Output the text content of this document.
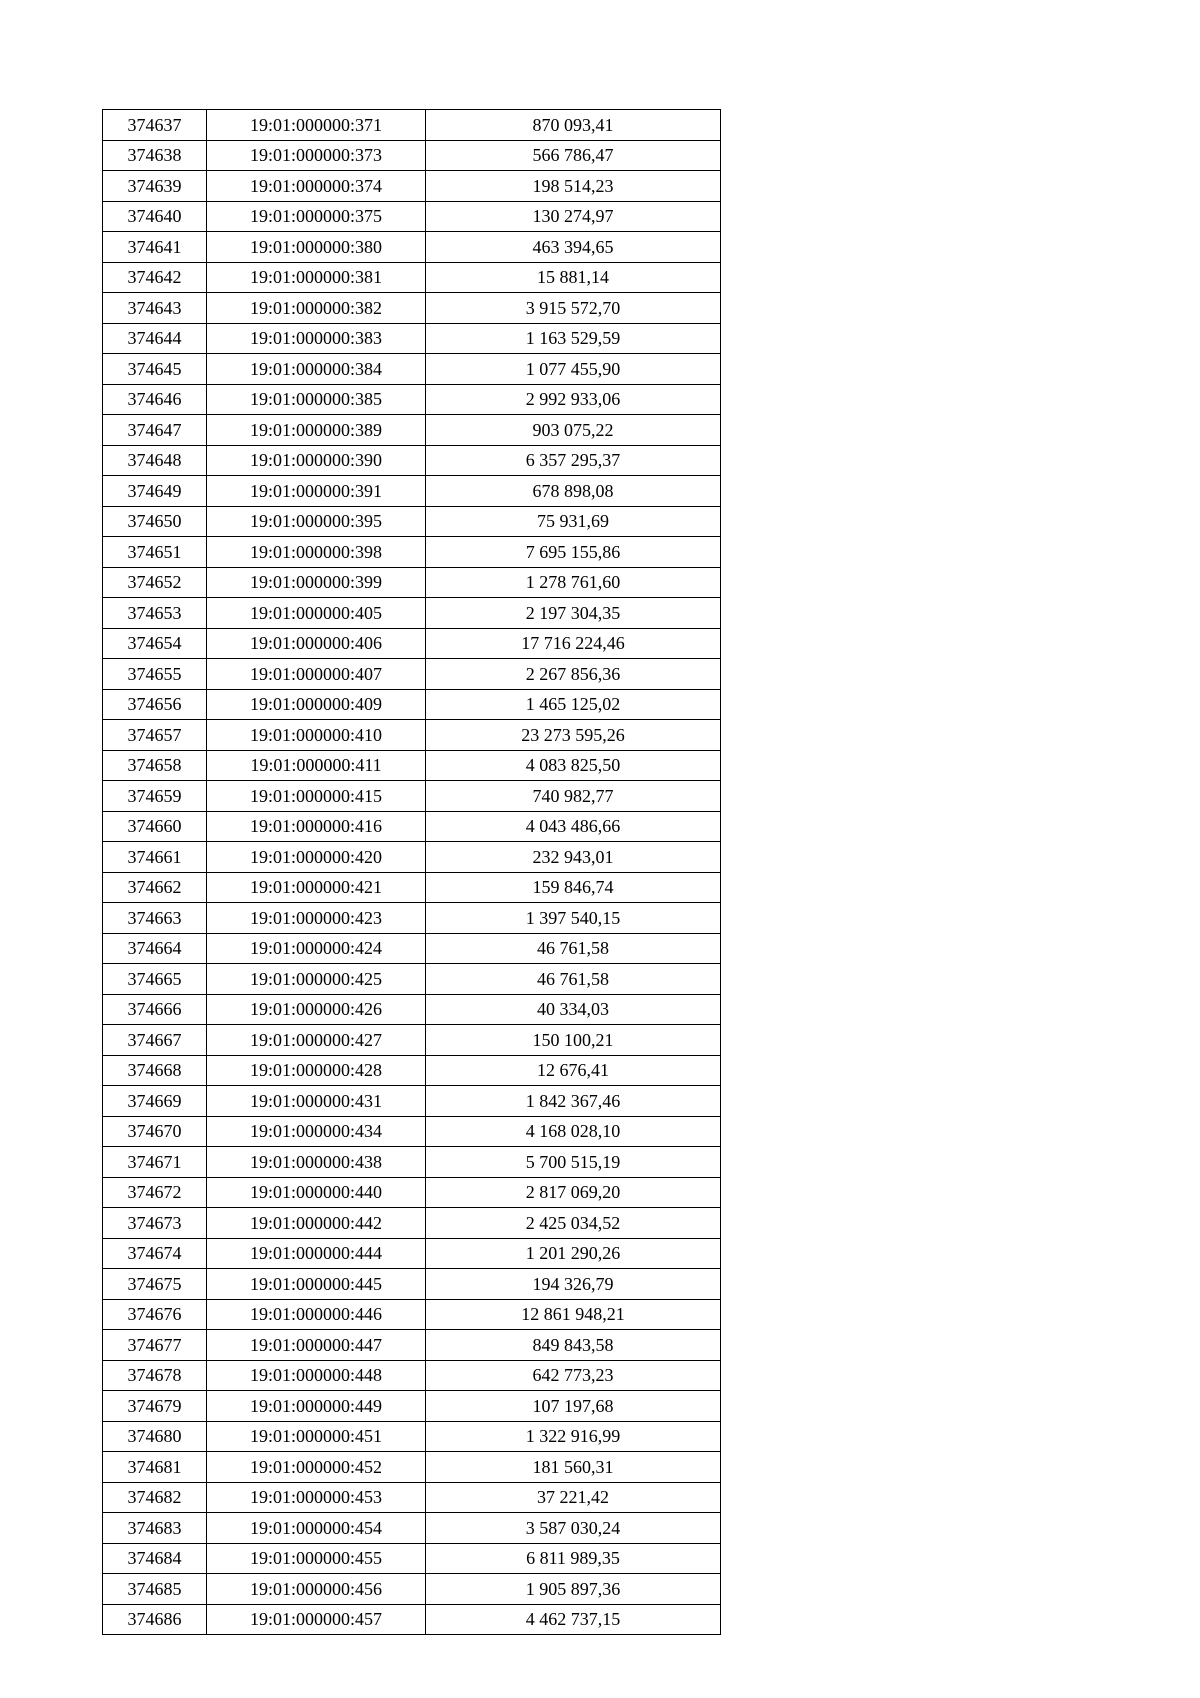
374637	19:01:000000:371	870 093,41
374638	19:01:000000:373	566 786,47
374639	19:01:000000:374	198 514,23
374640	19:01:000000:375	130 274,97
374641	19:01:000000:380	463 394,65
374642	19:01:000000:381	15 881,14
374643	19:01:000000:382	3 915 572,70
374644	19:01:000000:383	1 163 529,59
374645	19:01:000000:384	1 077 455,90
374646	19:01:000000:385	2 992 933,06
374647	19:01:000000:389	903 075,22
374648	19:01:000000:390	6 357 295,37
374649	19:01:000000:391	678 898,08
374650	19:01:000000:395	75 931,69
374651	19:01:000000:398	7 695 155,86
374652	19:01:000000:399	1 278 761,60
374653	19:01:000000:405	2 197 304,35
374654	19:01:000000:406	17 716 224,46
374655	19:01:000000:407	2 267 856,36
374656	19:01:000000:409	1 465 125,02
374657	19:01:000000:410	23 273 595,26
374658	19:01:000000:411	4 083 825,50
374659	19:01:000000:415	740 982,77
374660	19:01:000000:416	4 043 486,66
374661	19:01:000000:420	232 943,01
374662	19:01:000000:421	159 846,74
374663	19:01:000000:423	1 397 540,15
374664	19:01:000000:424	46 761,58
374665	19:01:000000:425	46 761,58
374666	19:01:000000:426	40 334,03
374667	19:01:000000:427	150 100,21
374668	19:01:000000:428	12 676,41
374669	19:01:000000:431	1 842 367,46
374670	19:01:000000:434	4 168 028,10
374671	19:01:000000:438	5 700 515,19
374672	19:01:000000:440	2 817 069,20
374673	19:01:000000:442	2 425 034,52
374674	19:01:000000:444	1 201 290,26
374675	19:01:000000:445	194 326,79
374676	19:01:000000:446	12 861 948,21
374677	19:01:000000:447	849 843,58
374678	19:01:000000:448	642 773,23
374679	19:01:000000:449	107 197,68
374680	19:01:000000:451	1 322 916,99
374681	19:01:000000:452	181 560,31
374682	19:01:000000:453	37 221,42
374683	19:01:000000:454	3 587 030,24
374684	19:01:000000:455	6 811 989,35
374685	19:01:000000:456	1 905 897,36
374686	19:01:000000:457	4 462 737,15
